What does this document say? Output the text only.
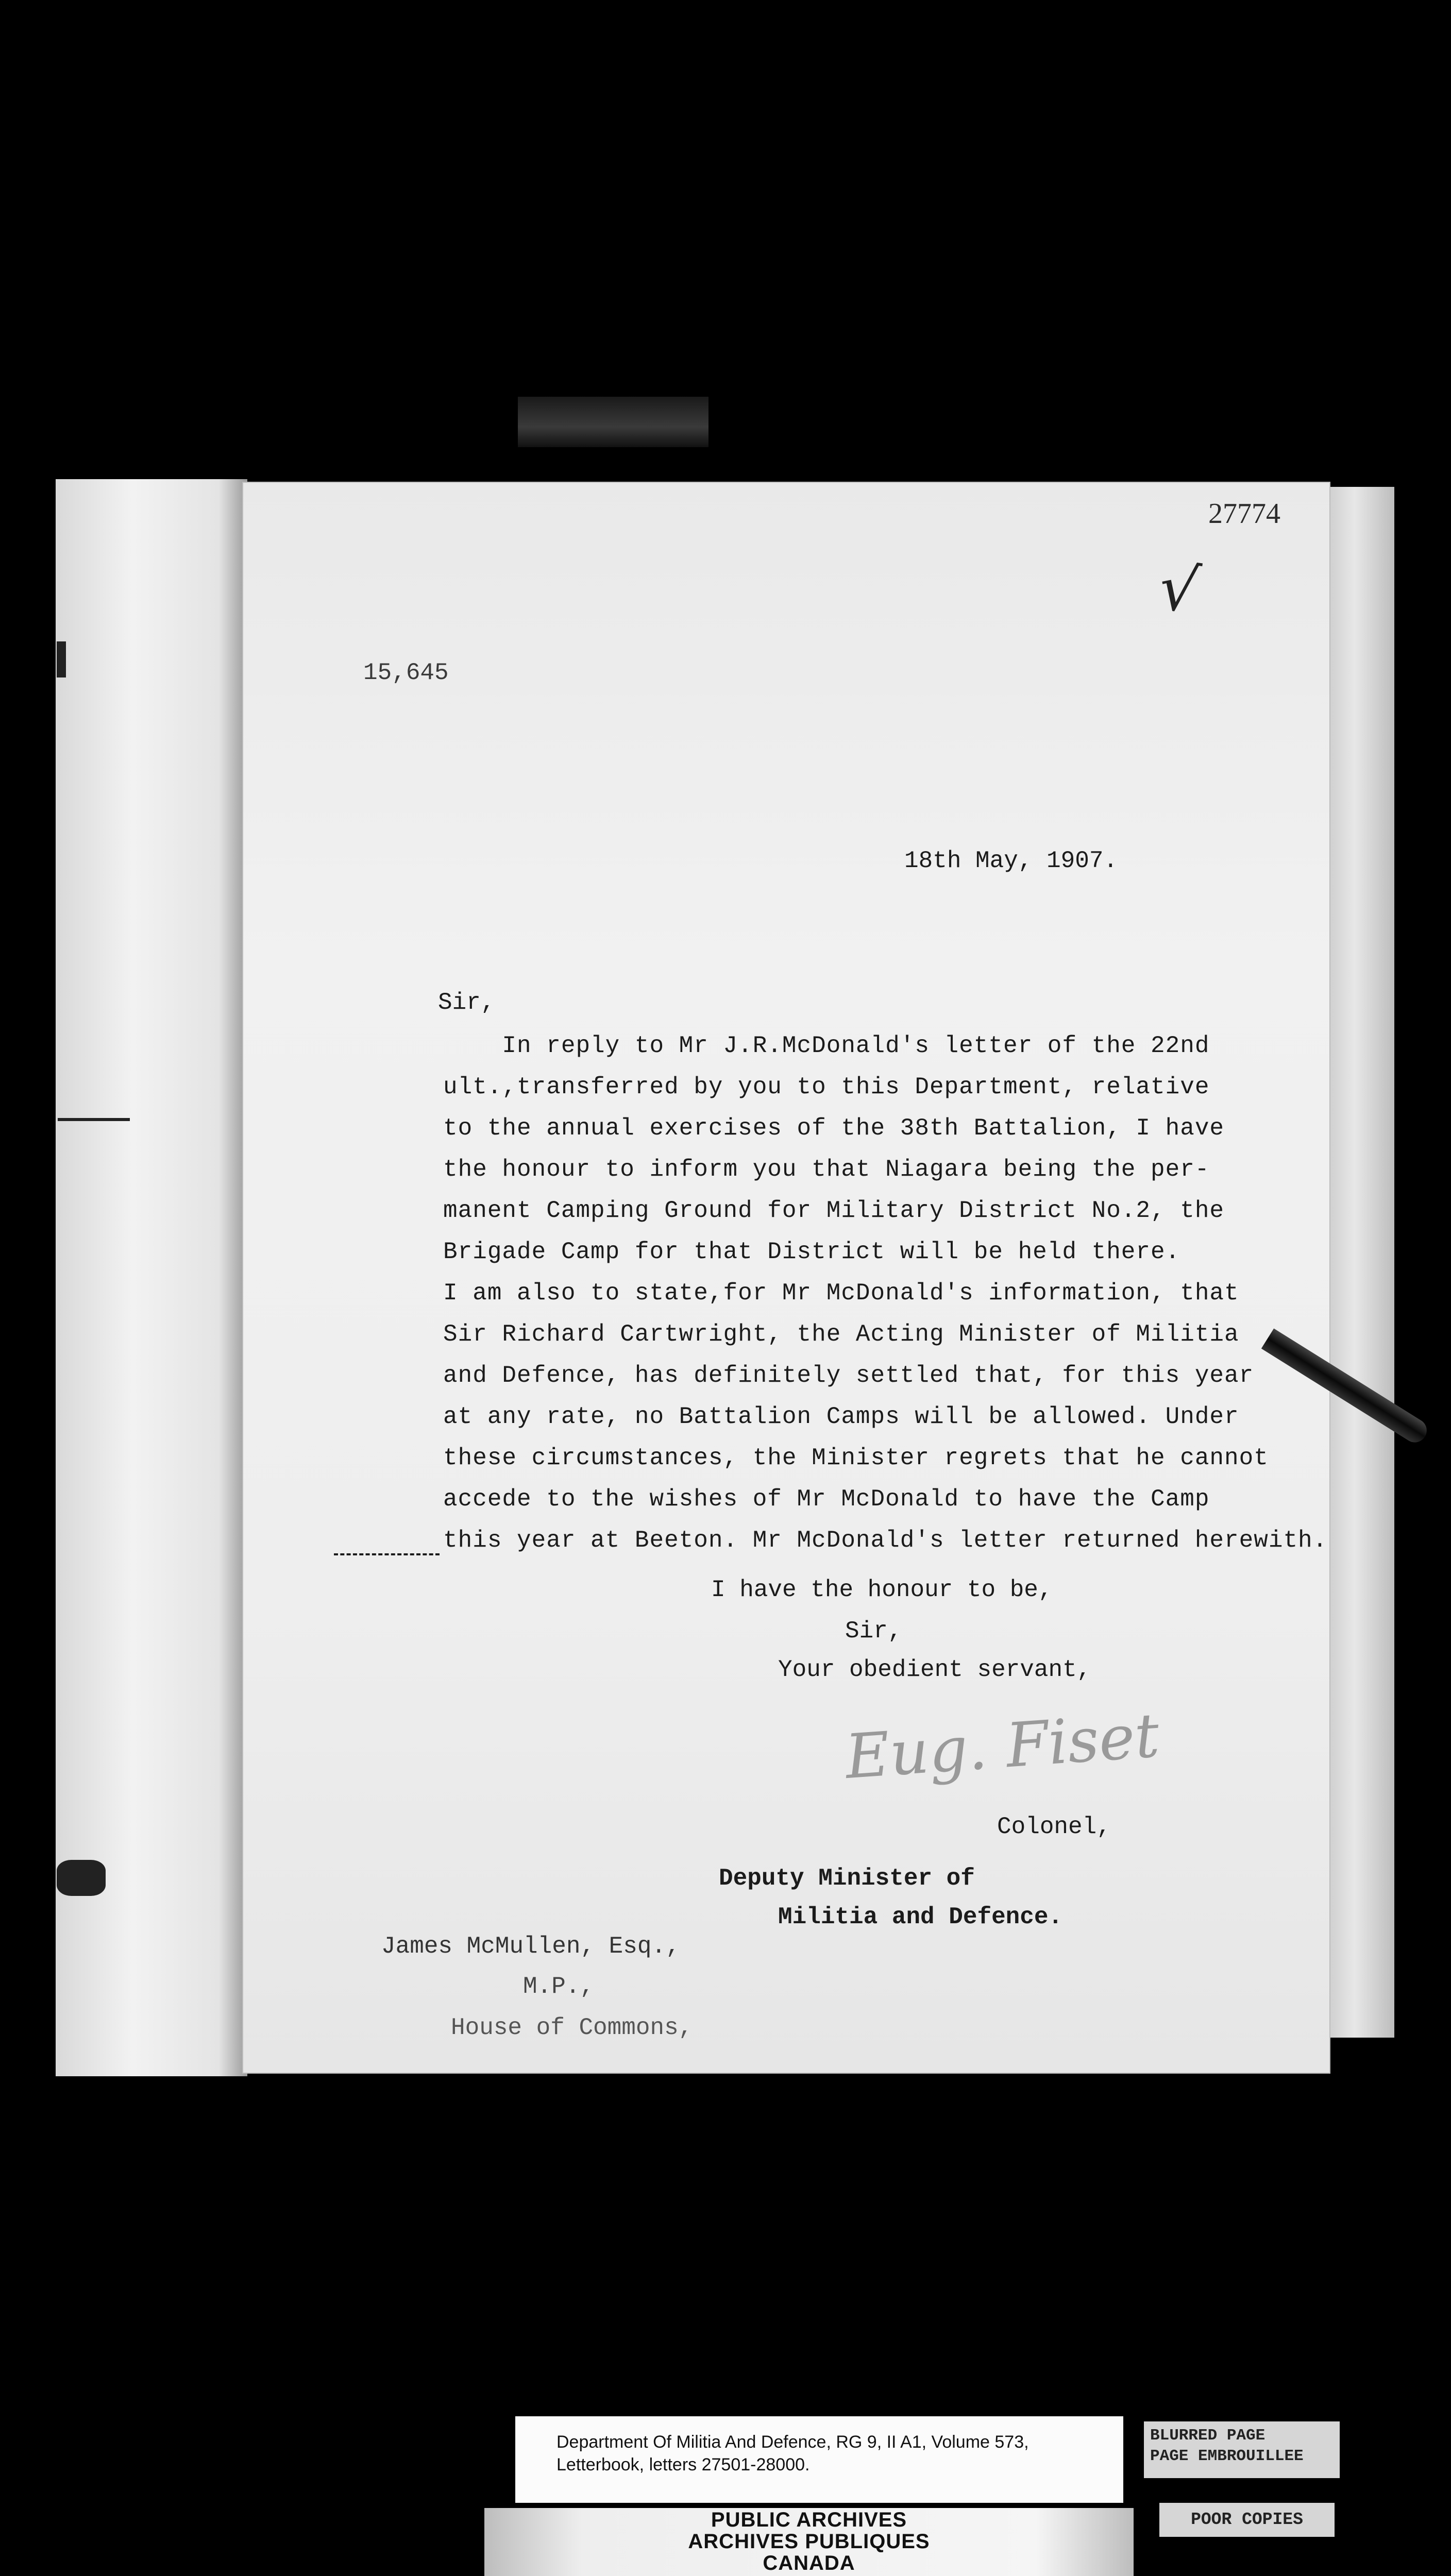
27774
√
15,645
18th May, 1907.
Sir,
In reply to Mr J.R.McDonald's letter of the 22nd
ult.,transferred by you to this Department, relative
to the annual exercises of the 38th Battalion, I have
the honour to inform you that Niagara being the per-
manent Camping Ground for Military District No.2, the
Brigade Camp for that District will be held there.
I am also to state,for Mr McDonald's information, that
Sir Richard Cartwright, the Acting Minister of Militia
and Defence, has definitely settled that, for this year
at any rate, no Battalion Camps will be allowed. Under
these circumstances, the Minister regrets that he cannot
accede to the wishes of Mr McDonald to have the Camp
this year at Beeton. Mr McDonald's letter returned herewith.
I have the honour to be,
Sir,
Your obedient servant,
Eug. Fiset
Colonel,
Deputy Minister of
Militia and Defence.
James McMullen, Esq.,
M.P.,
House of Commons,
Department Of Militia And Defence, RG 9, II A1, Volume 573,
Letterbook, letters 27501-28000.
PUBLIC ARCHIVES
ARCHIVES PUBLIQUES
CANADA
BLURRED PAGE
PAGE EMBROUILLEE
POOR COPIES
